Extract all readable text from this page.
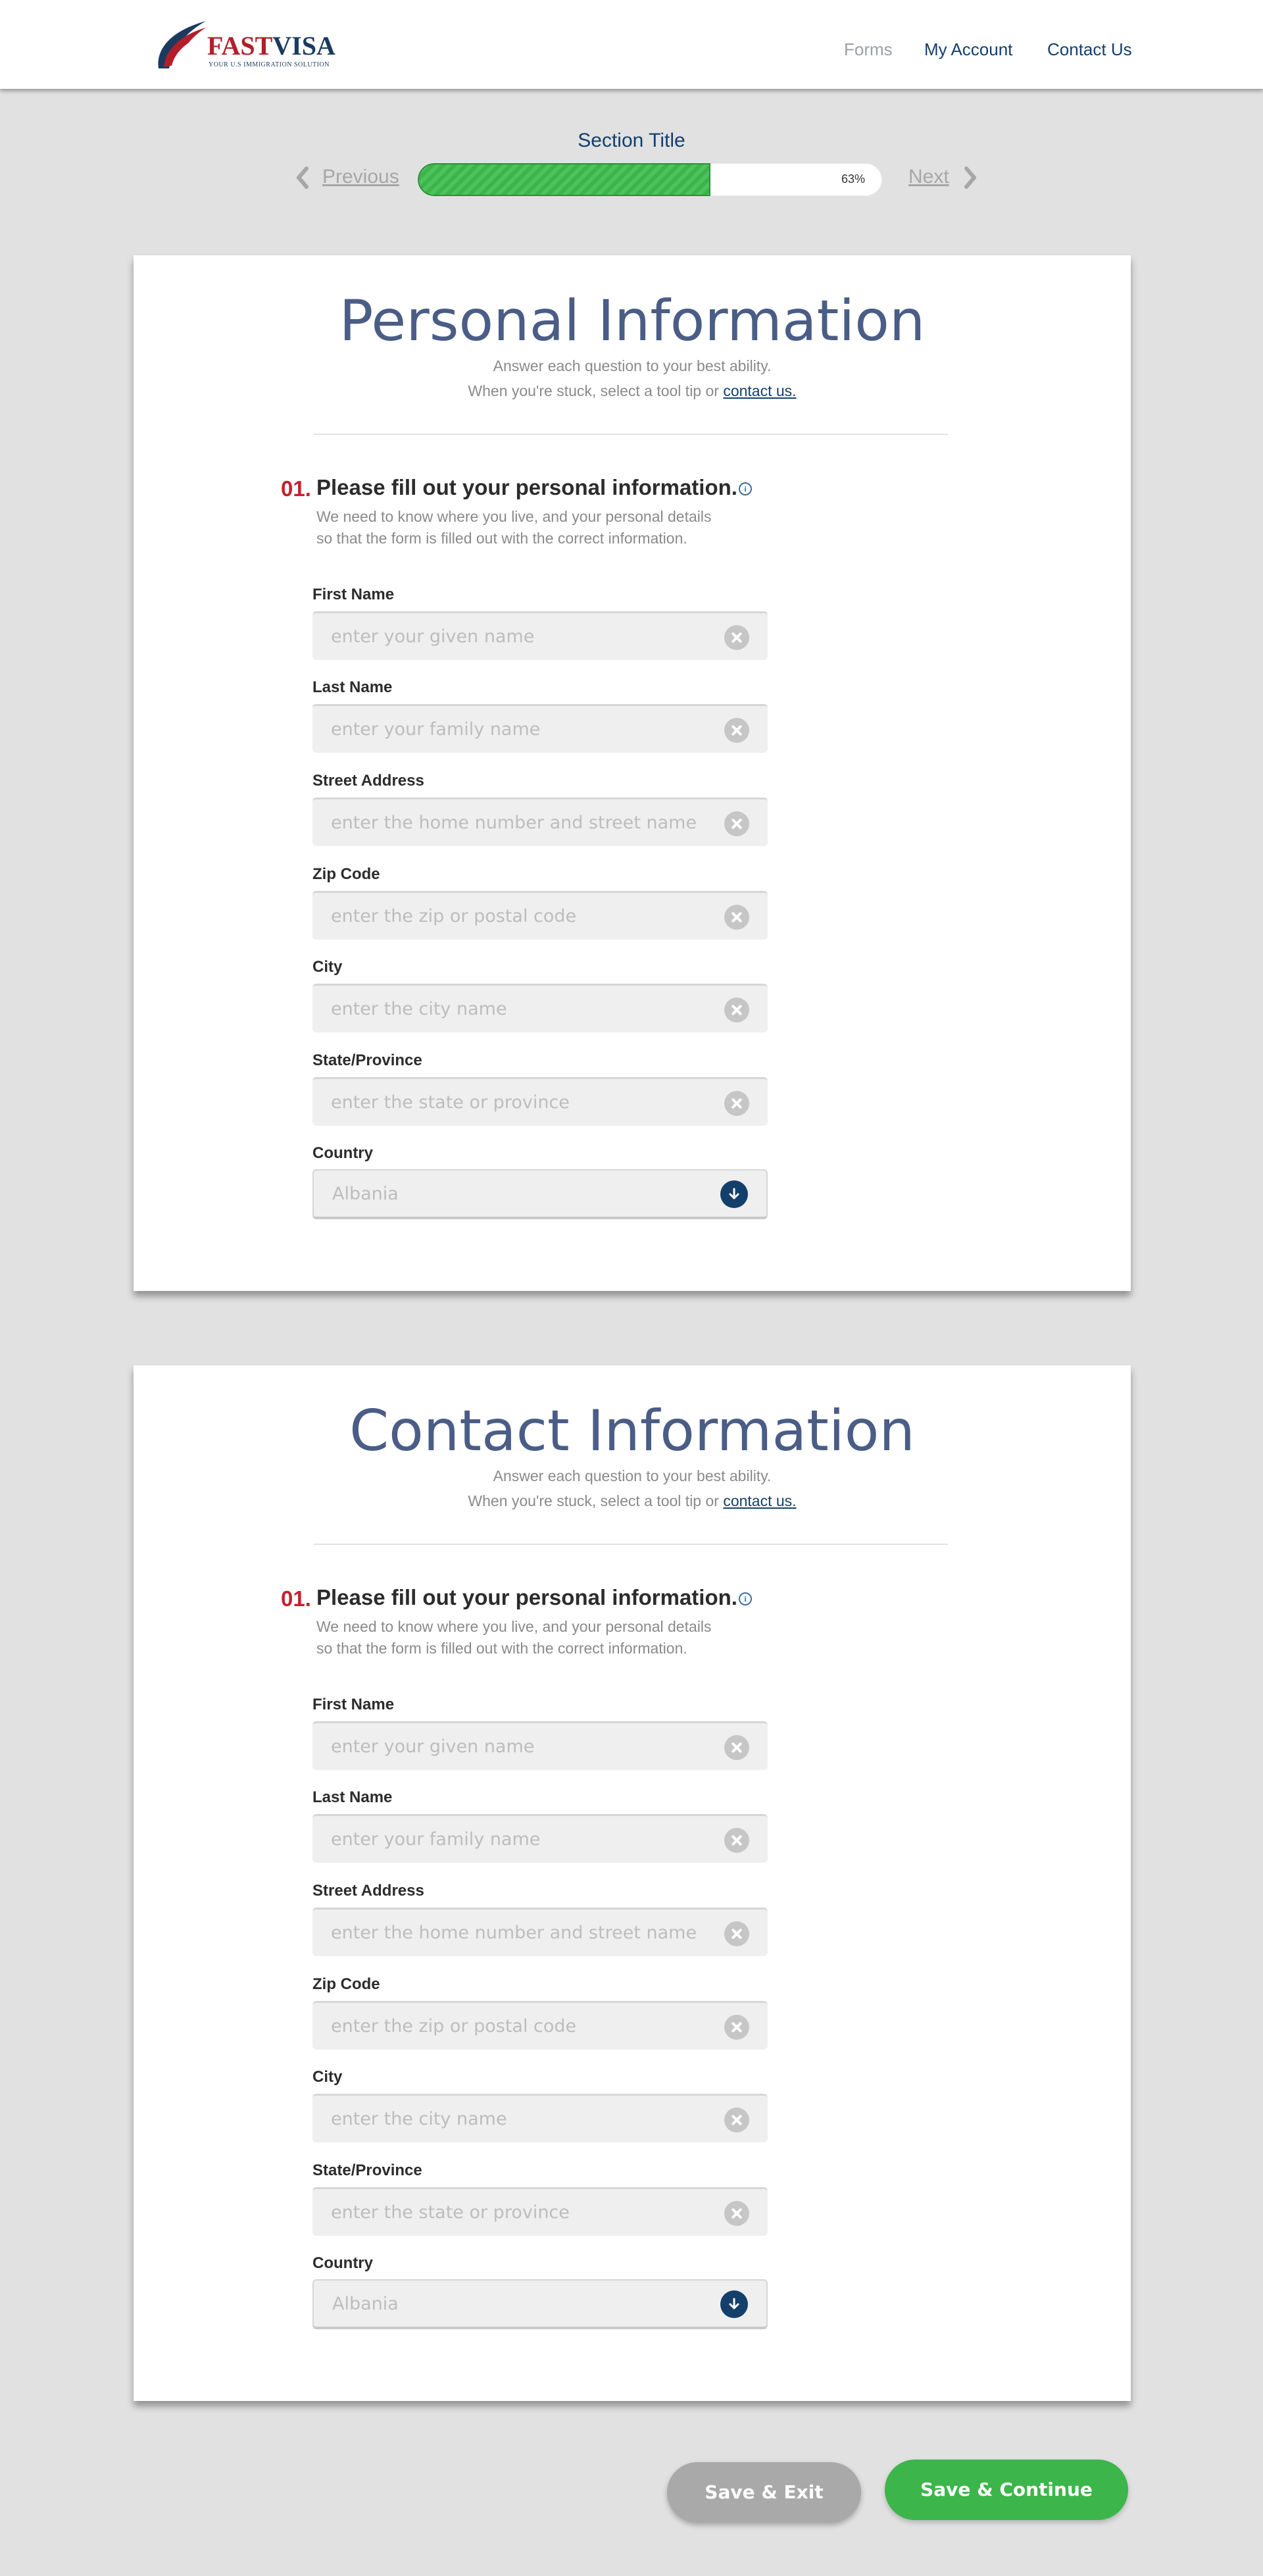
FASTVISA
YOUR U.S IMMIGRATION SOLUTION
Forms My Account Contact Us
Section Title
Previous	63% Next
Personal Information
Answer each question to your best ability.
When you're stuck, select a tool tip or contact us.
01. Please fill out your personal information. i
We need to know where you live, and your personal details
so that the form is filled out with the correct information.
First Name
enter your given name
Last Name
enter your family name
Street Address
enter the home number and street name
Zip Code
enter the zip or postal code
City
enter the city name
State/Province
enter the state or province
Country
Albania
Contact Information
Answer each question to your best ability.
When you're stuck, select a tool tip or contact us.
01. Please fill out your personal information. i
We need to know where you live, and your personal details
so that the form is filled out with the correct information.
First Name
enter your given name
Last Name
enter your family name
Street Address
enter the home number and street name
Zip Code
enter the zip or postal code
City
enter the city name
State/Province
enter the state or province
Country
Albania
Save & Exit	Save & Continue
